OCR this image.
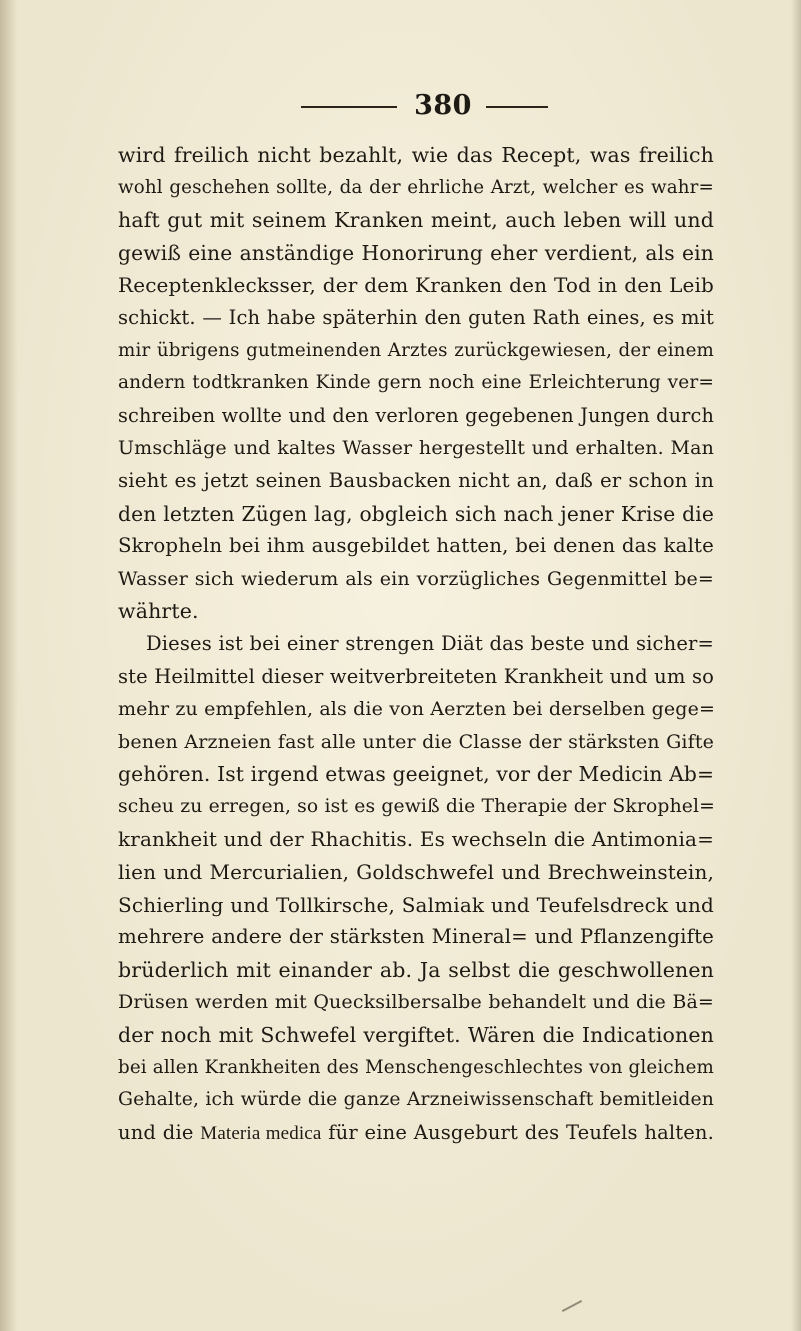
380
wird freilich nicht bezahlt, wie das Recept, was freilich
wohl geschehen sollte, da der ehrliche Arzt, welcher es wahr=
haft gut mit seinem Kranken meint, auch leben will und
gewiß eine anständige Honorirung eher verdient, als ein
Receptenklecksser, der dem Kranken den Tod in den Leib
schickt. — Ich habe späterhin den guten Rath eines, es mit
mir übrigens gutmeinenden Arztes zurückgewiesen, der einem
andern todtkranken Kinde gern noch eine Erleichterung ver=
schreiben wollte und den verloren gegebenen Jungen durch
Umschläge und kaltes Wasser hergestellt und erhalten. Man
sieht es jetzt seinen Bausbacken nicht an, daß er schon in
den letzten Zügen lag, obgleich sich nach jener Krise die
Skropheln bei ihm ausgebildet hatten, bei denen das kalte
Wasser sich wiederum als ein vorzügliches Gegenmittel be=
währte.
Dieses ist bei einer strengen Diät das beste und sicher=
ste Heilmittel dieser weitverbreiteten Krankheit und um so
mehr zu empfehlen, als die von Aerzten bei derselben gege=
benen Arzneien fast alle unter die Classe der stärksten Gifte
gehören. Ist irgend etwas geeignet, vor der Medicin Ab=
scheu zu erregen, so ist es gewiß die Therapie der Skrophel=
krankheit und der Rhachitis. Es wechseln die Antimonia=
lien und Mercurialien, Goldschwefel und Brechweinstein,
Schierling und Tollkirsche, Salmiak und Teufelsdreck und
mehrere andere der stärksten Mineral= und Pflanzengifte
brüderlich mit einander ab. Ja selbst die geschwollenen
Drüsen werden mit Quecksilbersalbe behandelt und die Bä=
der noch mit Schwefel vergiftet. Wären die Indicationen
bei allen Krankheiten des Menschengeschlechtes von gleichem
Gehalte, ich würde die ganze Arzneiwissenschaft bemitleiden
und die Materia medica für eine Ausgeburt des Teufels halten.
